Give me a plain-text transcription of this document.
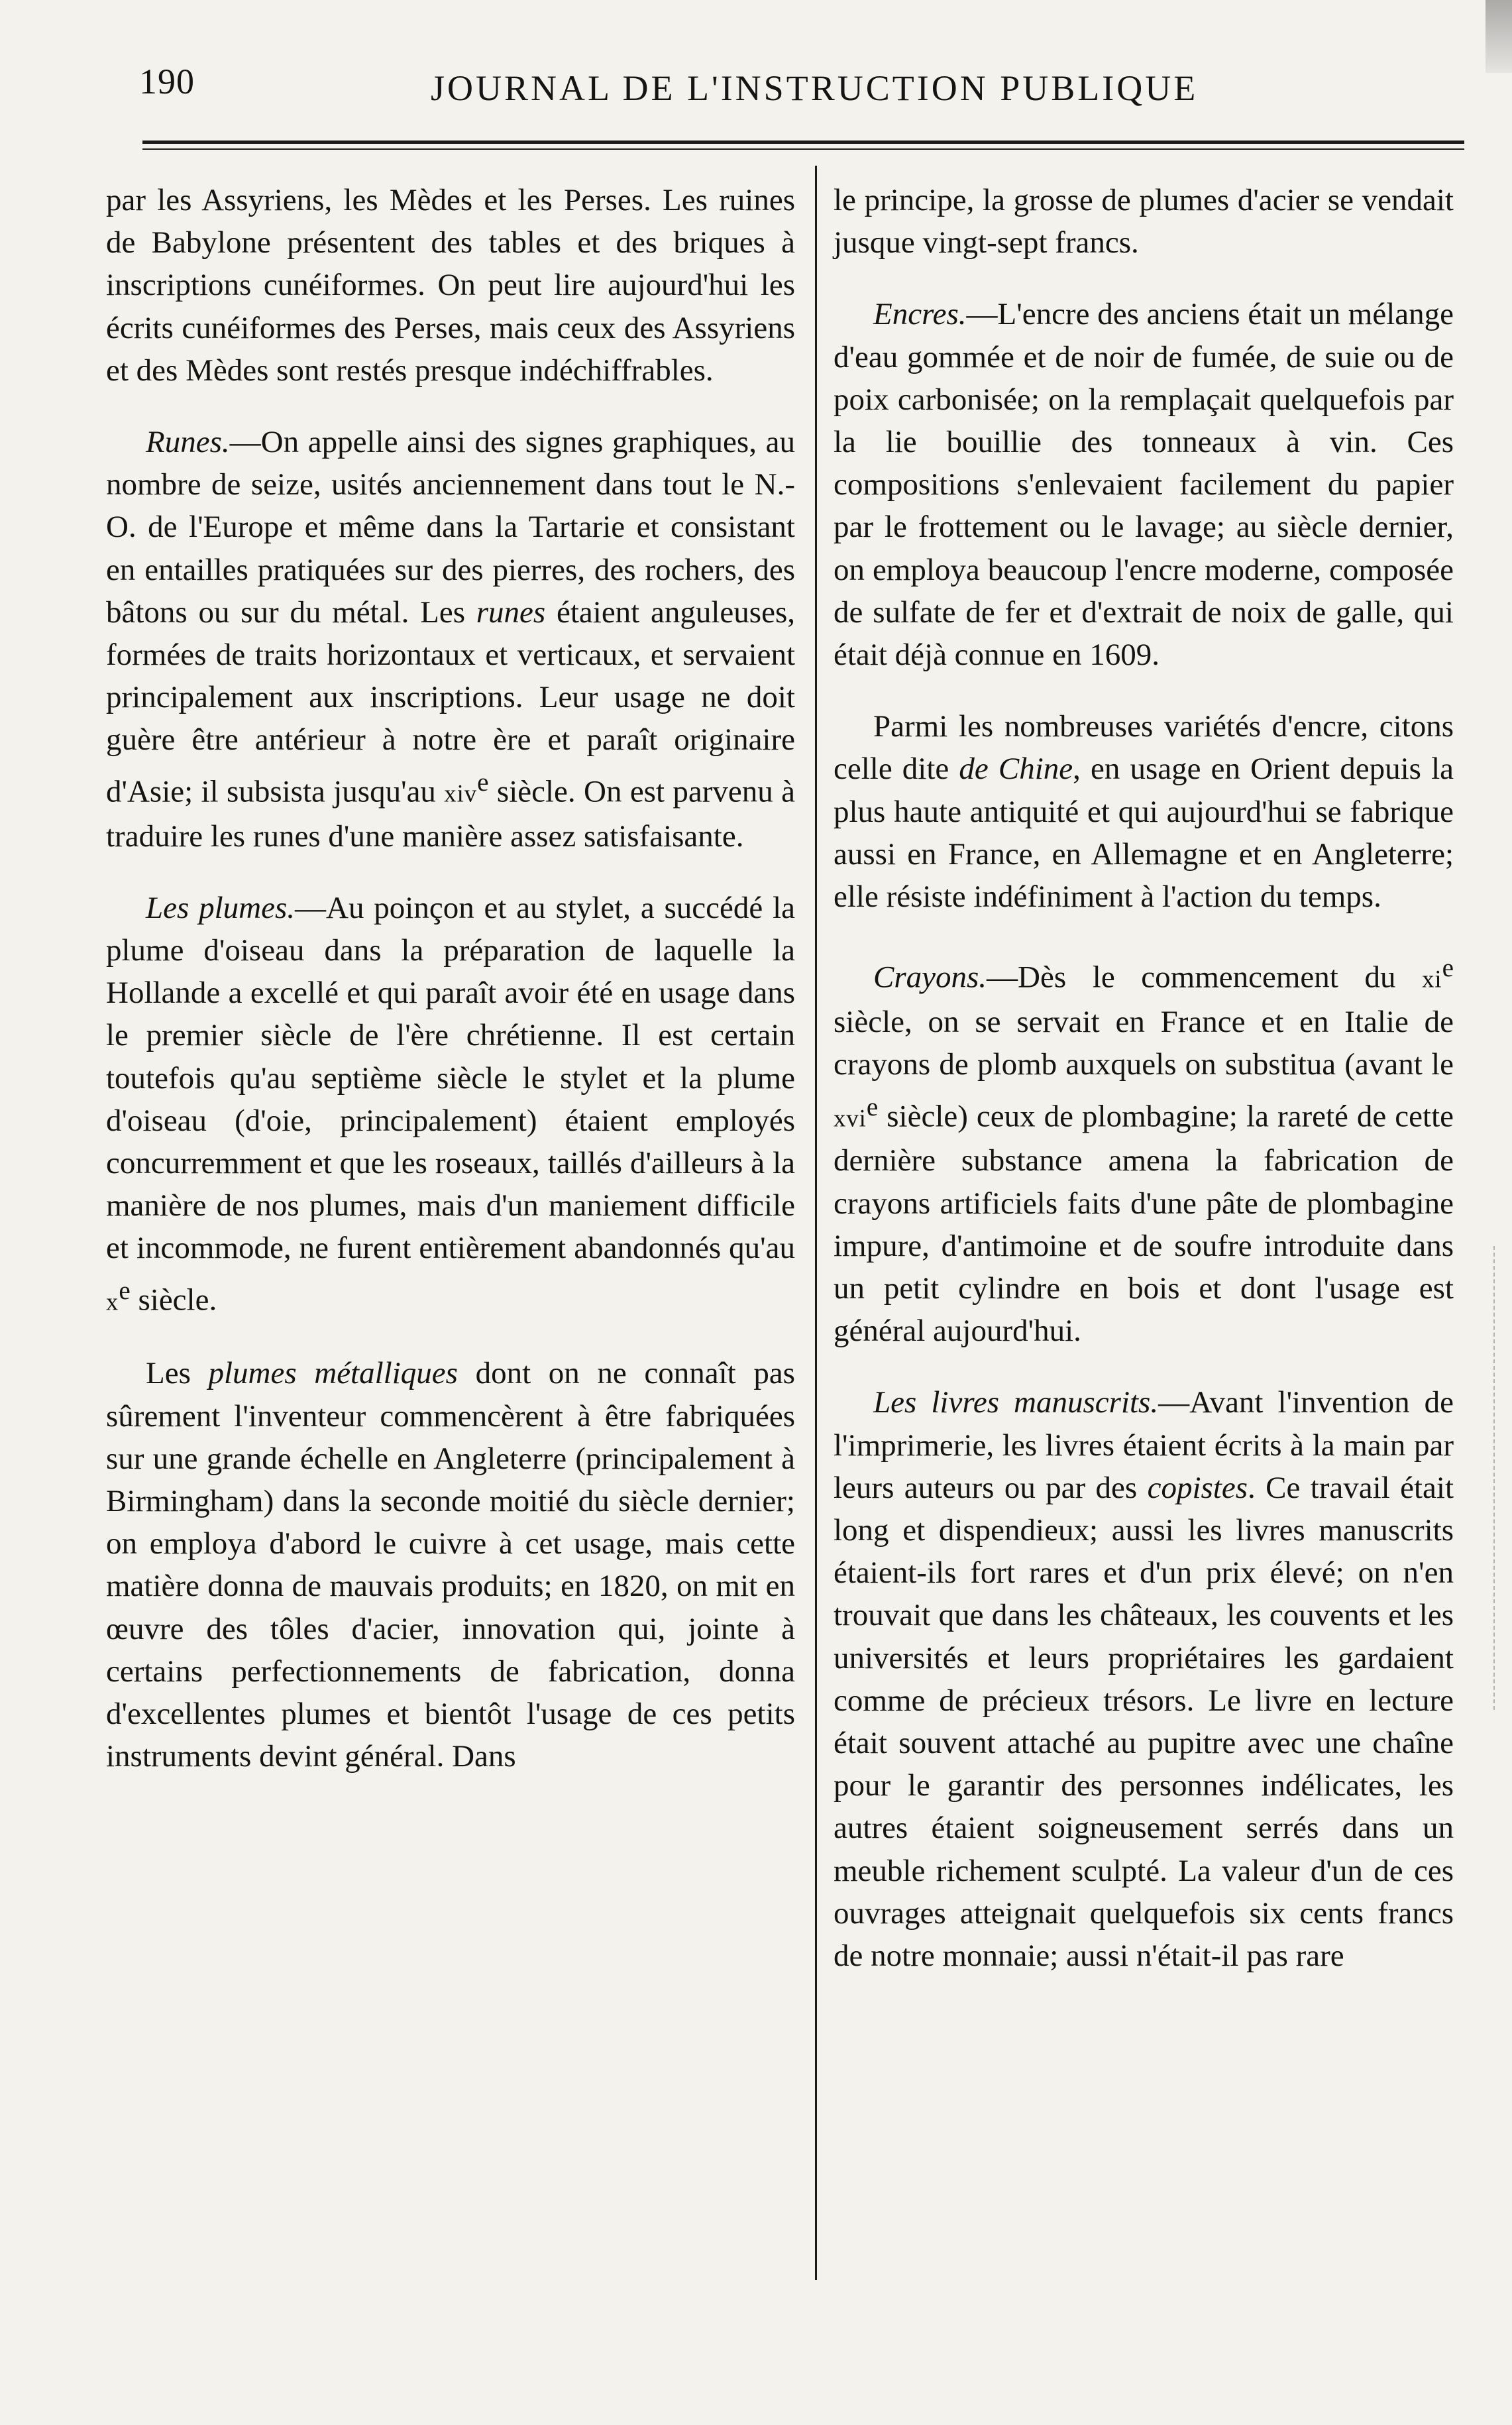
190	JOURNAL DE L'INSTRUCTION PUBLIQUE

par les Assyriens, les Mèdes et les Perses. Les ruines de Babylone présentent des tables et des briques à inscriptions cunéiformes. On peut lire aujourd'hui les écrits cunéiformes des Perses, mais ceux des Assyriens et des Mèdes sont restés presque indéchiffrables.

Runes.—On appelle ainsi des signes graphiques, au nombre de seize, usités anciennement dans tout le N.-O. de l'Europe et même dans la Tartarie et consistant en entailles pratiquées sur des pierres, des rochers, des bâtons ou sur du métal. Les runes étaient anguleuses, formées de traits horizontaux et verticaux, et servaient principalement aux inscriptions. Leur usage ne doit guère être antérieur à notre ère et paraît originaire d'Asie; il subsista jusqu'au xiv$^e$ siècle. On est parvenu à traduire les runes d'une manière assez satisfaisante.

Les plumes.—Au poinçon et au stylet, a succédé la plume d'oiseau dans la préparation de laquelle la Hollande a excellé et qui paraît avoir été en usage dans le premier siècle de l'ère chrétienne. Il est certain toutefois qu'au septième siècle le stylet et la plume d'oiseau (d'oie, principalement) étaient employés concurremment et que les roseaux, taillés d'ailleurs à la manière de nos plumes, mais d'un maniement difficile et incommode, ne furent entièrement abandonnés qu'au $x^e$ siècle.

Les plumes métalliques dont on ne connaît pas sûrement l'inventeur commencèrent à être fabriquées sur une grande échelle en Angleterre (principalement à Birmingham) dans la seconde moitié du siècle dernier; on employa d'abord le cuivre à cet usage, mais cette matière donna de mauvais produits; en 1820, on mit en œuvre des tôles d'acier, innovation qui, jointe à certains perfectionnements de fabrication, donna d'excellentes plumes et bientôt l'usage de ces petits instruments devint général. Dans

le principe, la grosse de plumes d'acier se vendait jusque vingt-sept francs.

Encres.—L'encre des anciens était un mélange d'eau gommée et de noir de fumée, de suie ou de poix carbonisée; on la remplaçait quelquefois par la lie bouillie des tonneaux à vin. Ces compositions s'enlevaient facilement du papier par le frottement ou le lavage; au siècle dernier, on employa beaucoup l'encre moderne, composée de sulfate de fer et d'extrait de noix de galle, qui était déjà connue en 1609.

Parmi les nombreuses variétés d'encre, citons celle dite de Chine, en usage en Orient depuis la plus haute antiquité et qui aujourd'hui se fabrique aussi en France, en Allemagne et en Angleterre; elle résiste indéfiniment à l'action du temps.

Crayons.—Dès le commencement du $xi^e$ siècle, on se servait en France et en Italie de crayons de plomb auxquels on substitua (avant le xvi$^e$ siècle) ceux de plombagine; la rareté de cette dernière substance amena la fabrication de crayons artificiels faits d'une pâte de plombagine impure, d'antimoine et de soufre introduite dans un petit cylindre en bois et dont l'usage est général aujourd'hui.

Les livres manuscrits.—Avant l'invention de l'imprimerie, les livres étaient écrits à la main par leurs auteurs ou par des copistes. Ce travail était long et dispendieux; aussi les livres manuscrits étaient-ils fort rares et d'un prix élevé; on n'en trouvait que dans les châteaux, les couvents et les universités et leurs propriétaires les gardaient comme de précieux trésors. Le livre en lecture était souvent attaché au pupitre avec une chaîne pour le garantir des personnes indélicates, les autres étaient soigneusement serrés dans un meuble richement sculpté. La valeur d'un de ces ouvrages atteignait quelquefois six cents francs de notre monnaie; aussi n'était-il pas rare
